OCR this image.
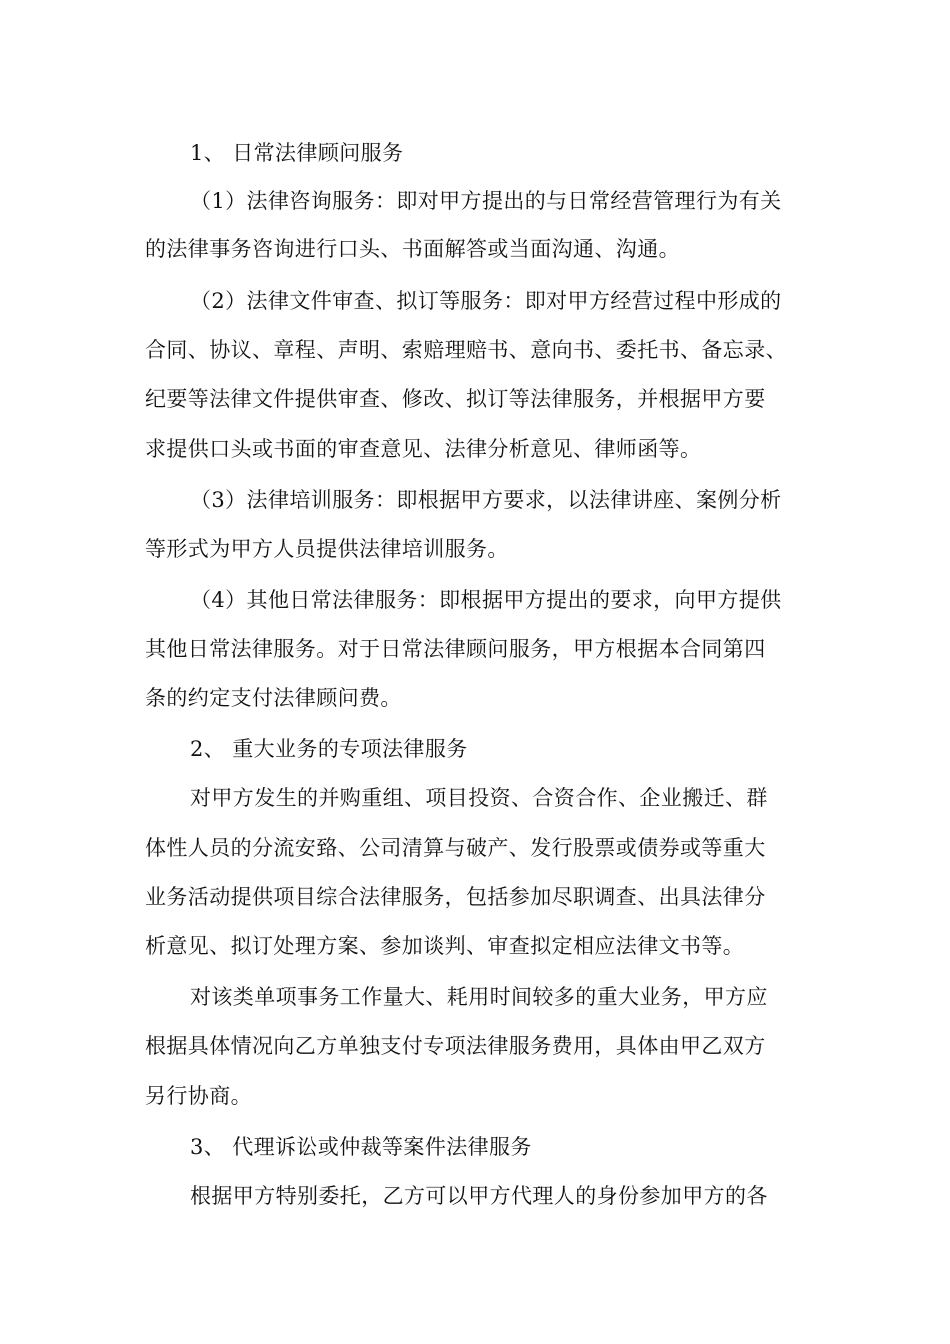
1、 日常法律顾问服务
（1）法律咨询服务：即对甲方提出的与日常经营管理行为有关
的法律事务咨询进行口头、书面解答或当面沟通、沟通。
（2）法律文件审查、拟订等服务：即对甲方经营过程中形成的
合同、协议、章程、声明、索赔理赔书、意向书、委托书、备忘录、
纪要等法律文件提供审查、修改、拟订等法律服务，并根据甲方要
求提供口头或书面的审查意见、法律分析意见、律师函等。
（3）法律培训服务：即根据甲方要求，以法律讲座、案例分析
等形式为甲方人员提供法律培训服务。
（4）其他日常法律服务：即根据甲方提出的要求，向甲方提供
其他日常法律服务。对于日常法律顾问服务，甲方根据本合同第四
条的约定支付法律顾问费。
2、 重大业务的专项法律服务
对甲方发生的并购重组、项目投资、合资合作、企业搬迁、群
体性人员的分流安臵、公司清算与破产、发行股票或债券或等重大
业务活动提供项目综合法律服务，包括参加尽职调查、出具法律分
析意见、拟订处理方案、参加谈判、审查拟定相应法律文书等。
对该类单项事务工作量大、耗用时间较多的重大业务，甲方应
根据具体情况向乙方单独支付专项法律服务费用，具体由甲乙双方
另行协商。
3、 代理诉讼或仲裁等案件法律服务
根据甲方特别委托，乙方可以甲方代理人的身份参加甲方的各
